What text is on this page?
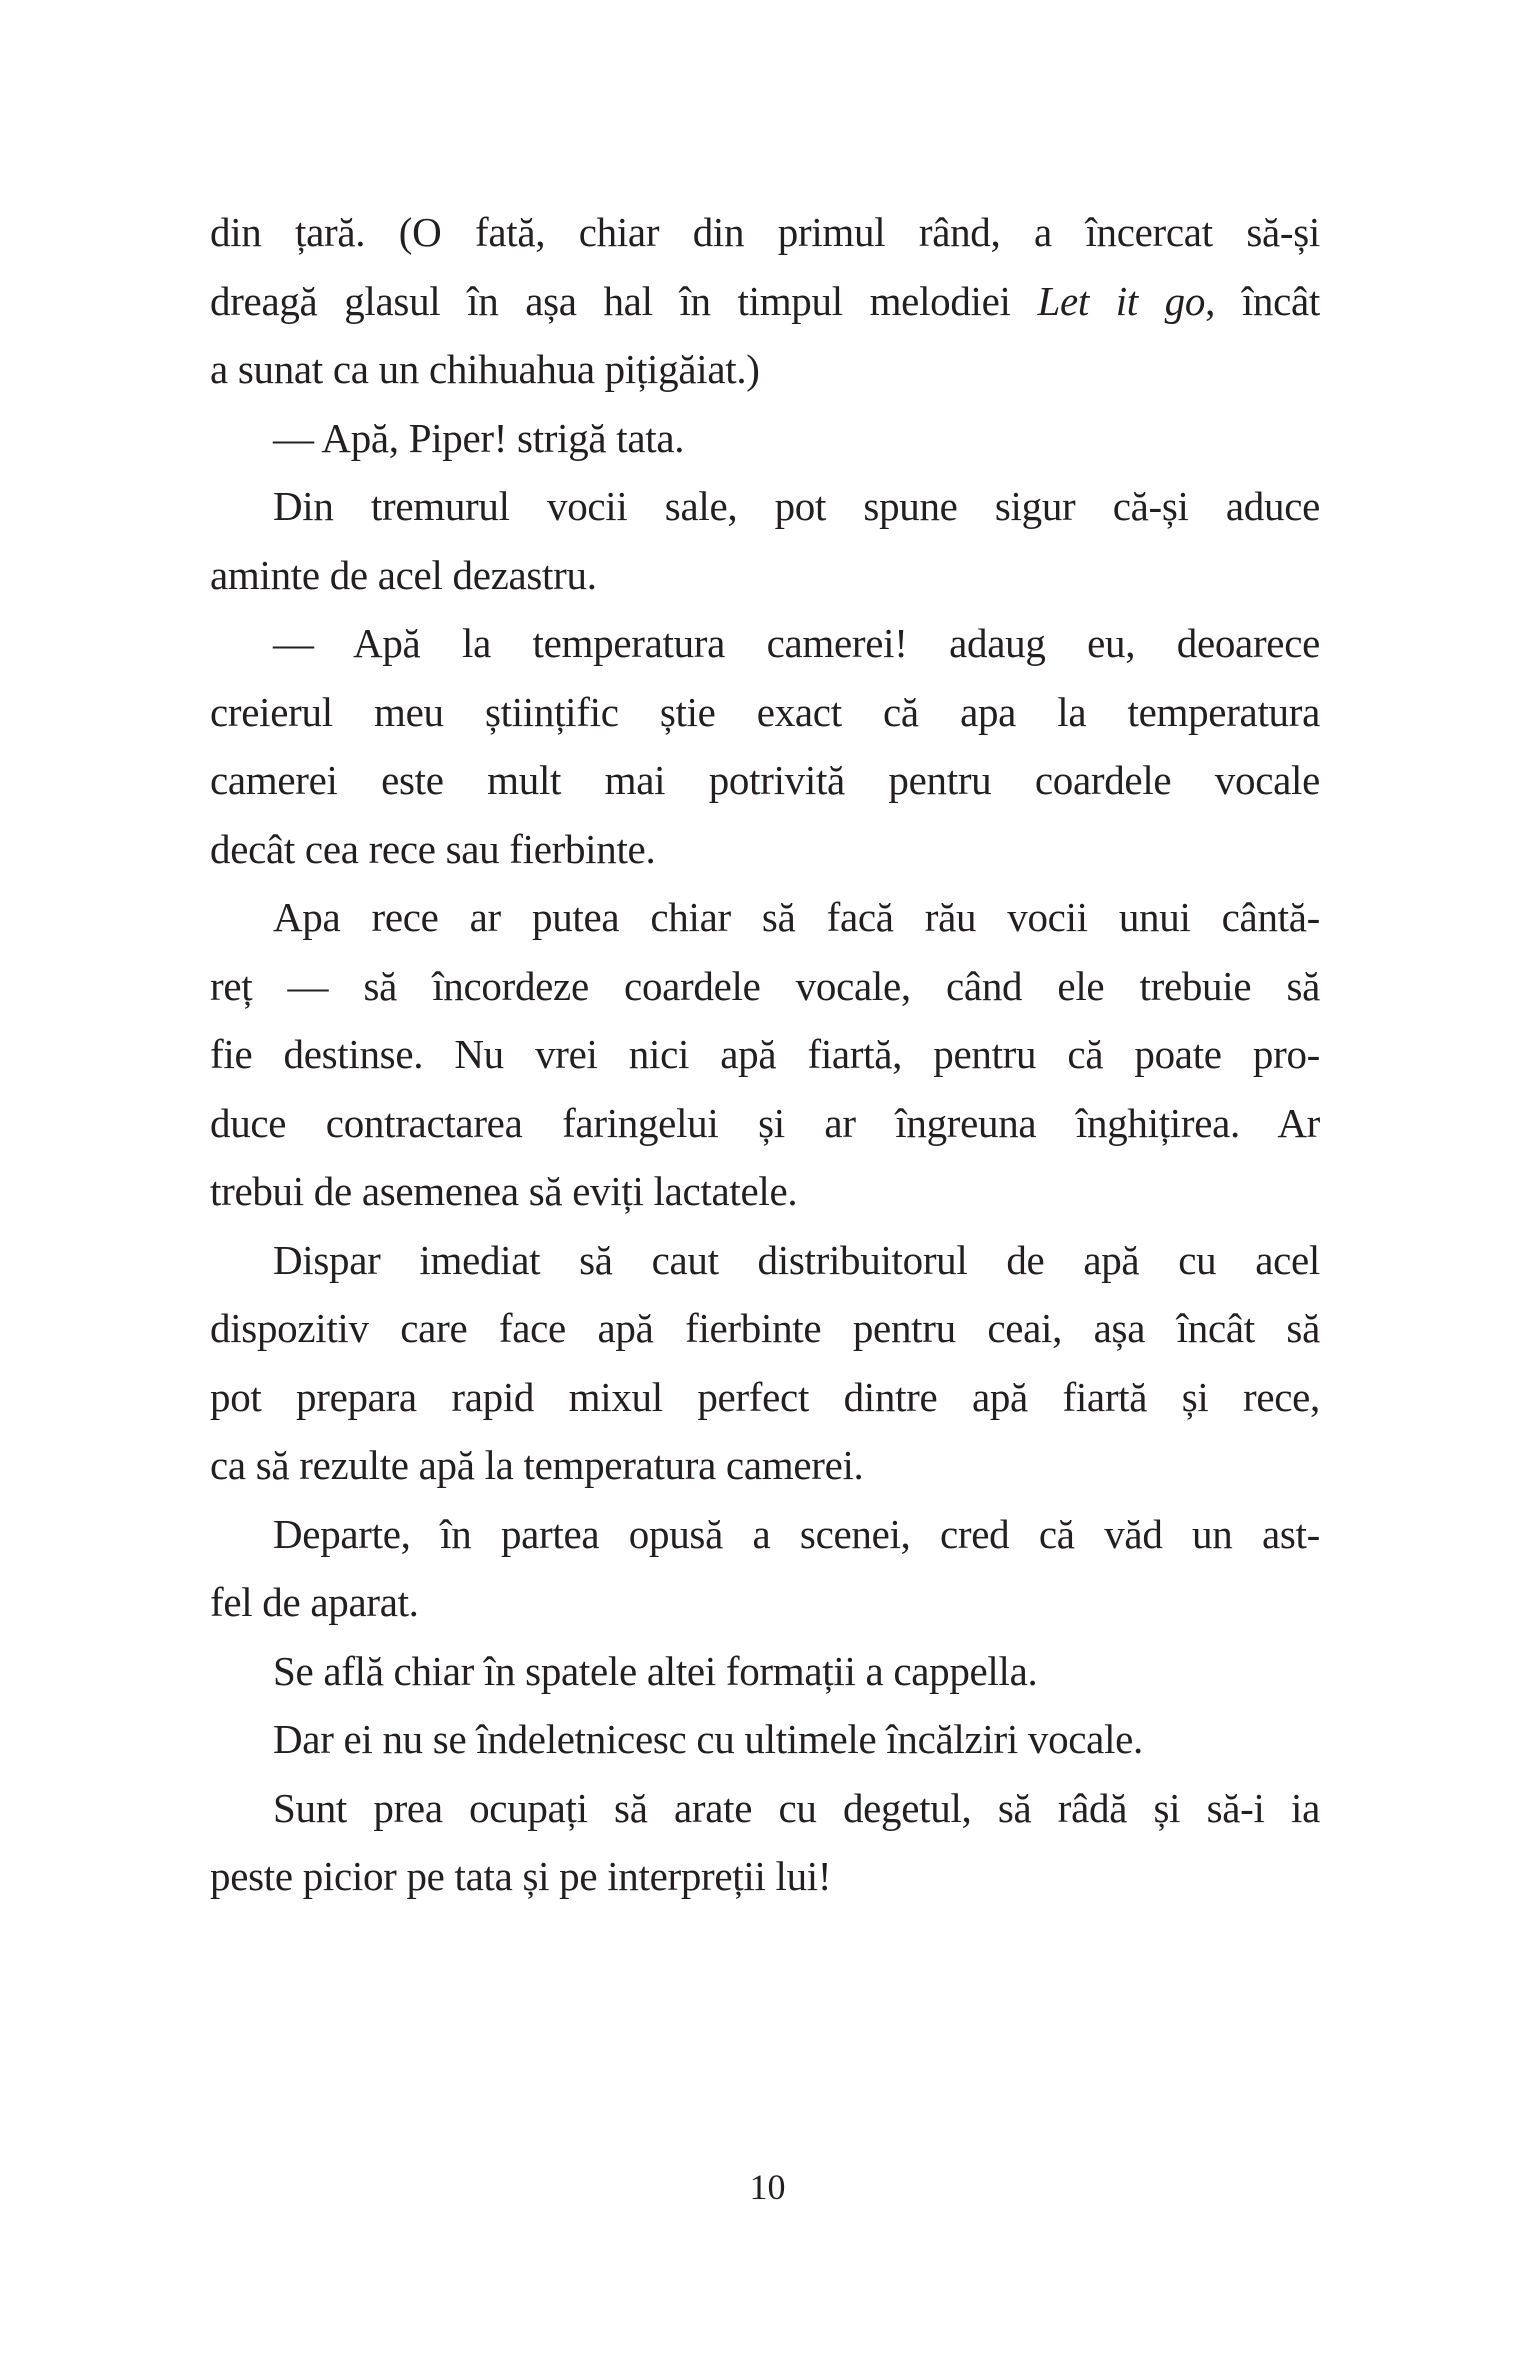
din țară. (O fată, chiar din primul rând, a încercat să-și
dreagă glasul în așa hal în timpul melodiei Let it go, încât
a sunat ca un chihuahua pițigăiat.)
— Apă, Piper! strigă tata.
Din tremurul vocii sale, pot spune sigur că-și aduce
aminte de acel dezastru.
— Apă la temperatura camerei! adaug eu, deoarece
creierul meu științific știe exact că apa la temperatura
camerei este mult mai potrivită pentru coardele vocale
decât cea rece sau fierbinte.
Apa rece ar putea chiar să facă rău vocii unui cântă-
reț — să încordeze coardele vocale, când ele trebuie să
fie destinse. Nu vrei nici apă fiartă, pentru că poate pro-
duce contractarea faringelui și ar îngreuna înghițirea. Ar
trebui de asemenea să eviți lactatele.
Dispar imediat să caut distribuitorul de apă cu acel
dispozitiv care face apă fierbinte pentru ceai, așa încât să
pot prepara rapid mixul perfect dintre apă fiartă și rece,
ca să rezulte apă la temperatura camerei.
Departe, în partea opusă a scenei, cred că văd un ast-
fel de aparat.
Se află chiar în spatele altei formații a cappella.
Dar ei nu se îndeletnicesc cu ultimele încălziri vocale.
Sunt prea ocupați să arate cu degetul, să râdă și să-i ia
peste picior pe tata și pe interpreții lui!
10
